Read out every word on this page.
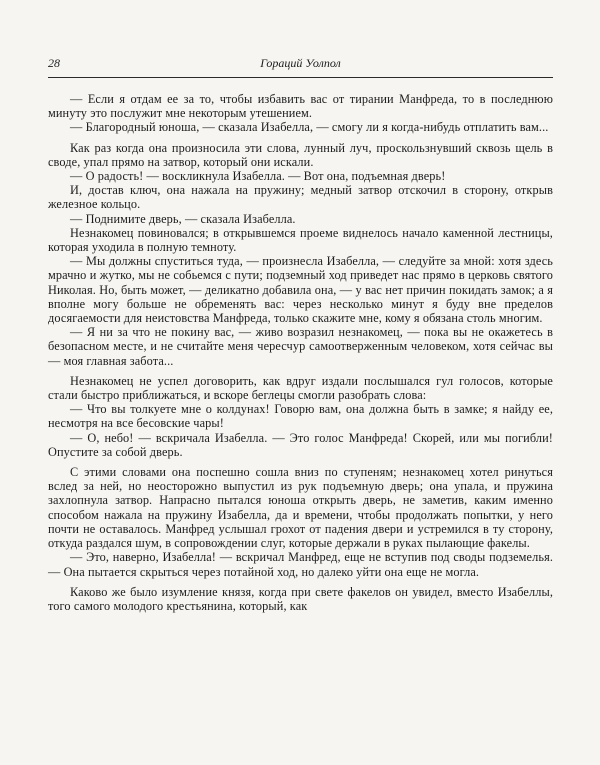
28	Гораций Уолпол

— Если я отдам ее за то, чтобы избавить вас от тирании Манфреда, то в последнюю минуту это послужит мне некоторым утешением.

— Благородный юноша, — сказала Изабелла, — смогу ли я когда-нибудь отплатить вам...

Как раз когда она произносила эти слова, лунный луч, проскользнувший сквозь щель в своде, упал прямо на затвор, который они искали.

— О радость! — воскликнула Изабелла. — Вот она, подъемная дверь!

И, достав ключ, она нажала на пружину; медный затвор отскочил в сторону, открыв железное кольцо.

— Поднимите дверь, — сказала Изабелла.

Незнакомец повиновался; в открывшемся проеме виднелось начало каменной лестницы, которая уходила в полную темноту.

— Мы должны спуститься туда, — произнесла Изабелла, — следуйте за мной: хотя здесь мрачно и жутко, мы не собьемся с пути; подземный ход приведет нас прямо в церковь святого Николая. Но, быть может, — деликатно добавила она, — у вас нет причин покидать замок; а я вполне могу больше не обременять вас: через несколько минут я буду вне пределов досягаемости для неистовства Манфреда, только скажите мне, кому я обязана столь многим.

— Я ни за что не покину вас, — живо возразил незнакомец, — пока вы не окажетесь в безопасном месте, и не считайте меня чересчур самоотверженным человеком, хотя сейчас вы — моя главная забота...

Незнакомец не успел договорить, как вдруг издали послышался гул голосов, которые стали быстро приближаться, и вскоре беглецы смогли разобрать слова:

— Что вы толкуете мне о колдунах! Говорю вам, она должна быть в замке; я найду ее, несмотря на все бесовские чары!

— О, небо! — вскричала Изабелла. — Это голос Манфреда! Скорей, или мы погибли! Опустите за собой дверь.

С этими словами она поспешно сошла вниз по ступеням; незнакомец хотел ринуться вслед за ней, но неосторожно выпустил из рук подъемную дверь; она упала, и пружина захлопнула затвор. Напрасно пытался юноша открыть дверь, не заметив, каким именно способом нажала на пружину Изабелла, да и времени, чтобы продолжать попытки, у него почти не оставалось. Манфред услышал грохот от падения двери и устремился в ту сторону, откуда раздался шум, в сопровождении слуг, которые держали в руках пылающие факелы.

— Это, наверно, Изабелла! — вскричал Манфред, еще не вступив под своды подземелья. — Она пытается скрыться через потайной ход, но далеко уйти она еще не могла.

Каково же было изумление князя, когда при свете факелов он увидел, вместо Изабеллы, того самого молодого крестьянина, который, как
